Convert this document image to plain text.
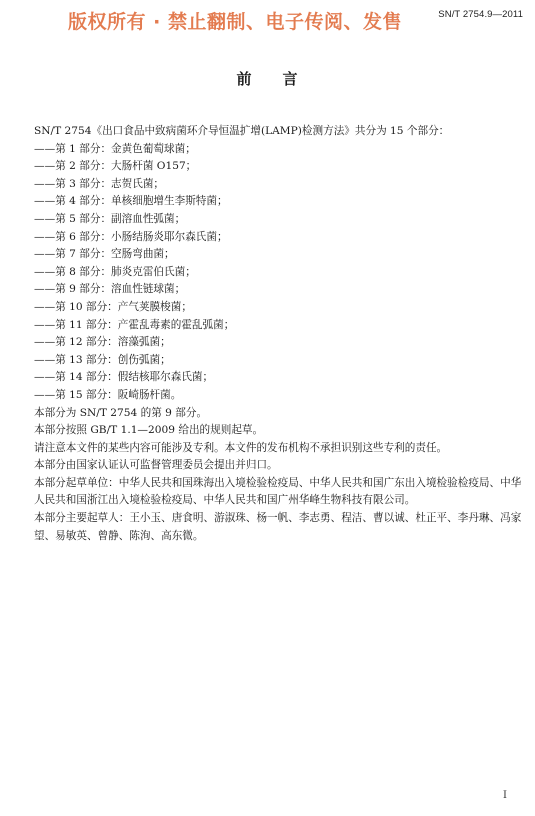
版权所有 · 禁止翻制、电子传阅、发售	SN/T 2754.9—2011
前 言
SN/T 2754《出口食品中致病菌环介导恒温扩增(LAMP)检测方法》共分为 15 个部分：
——第 1 部分：金黄色葡萄球菌；
——第 2 部分：大肠杆菌 O157；
——第 3 部分：志贺氏菌；
——第 4 部分：单核细胞增生李斯特菌；
——第 5 部分：副溶血性弧菌；
——第 6 部分：小肠结肠炎耶尔森氏菌；
——第 7 部分：空肠弯曲菌；
——第 8 部分：肺炎克雷伯氏菌；
——第 9 部分：溶血性链球菌；
——第 10 部分：产气荚膜梭菌；
——第 11 部分：产霍乱毒素的霍乱弧菌；
——第 12 部分：溶藻弧菌；
——第 13 部分：创伤弧菌；
——第 14 部分：假结核耶尔森氏菌；
——第 15 部分：阪崎肠杆菌。
本部分为 SN/T 2754 的第 9 部分。
本部分按照 GB/T 1.1—2009 给出的规则起草。
请注意本文件的某些内容可能涉及专利。本文件的发布机构不承担识别这些专利的责任。
本部分由国家认证认可监督管理委员会提出并归口。
本部分起草单位：中华人民共和国珠海出入境检验检疫局、中华人民共和国广东出入境检验检疫局、中华人民共和国浙江出入境检验检疫局、中华人民共和国广州华峰生物科技有限公司。
本部分主要起草人：王小玉、唐食明、游淑珠、杨一帆、李志勇、程洁、曹以诚、杜正平、李丹琳、冯家望、易敏英、曾静、陈洵、高东微。
I
